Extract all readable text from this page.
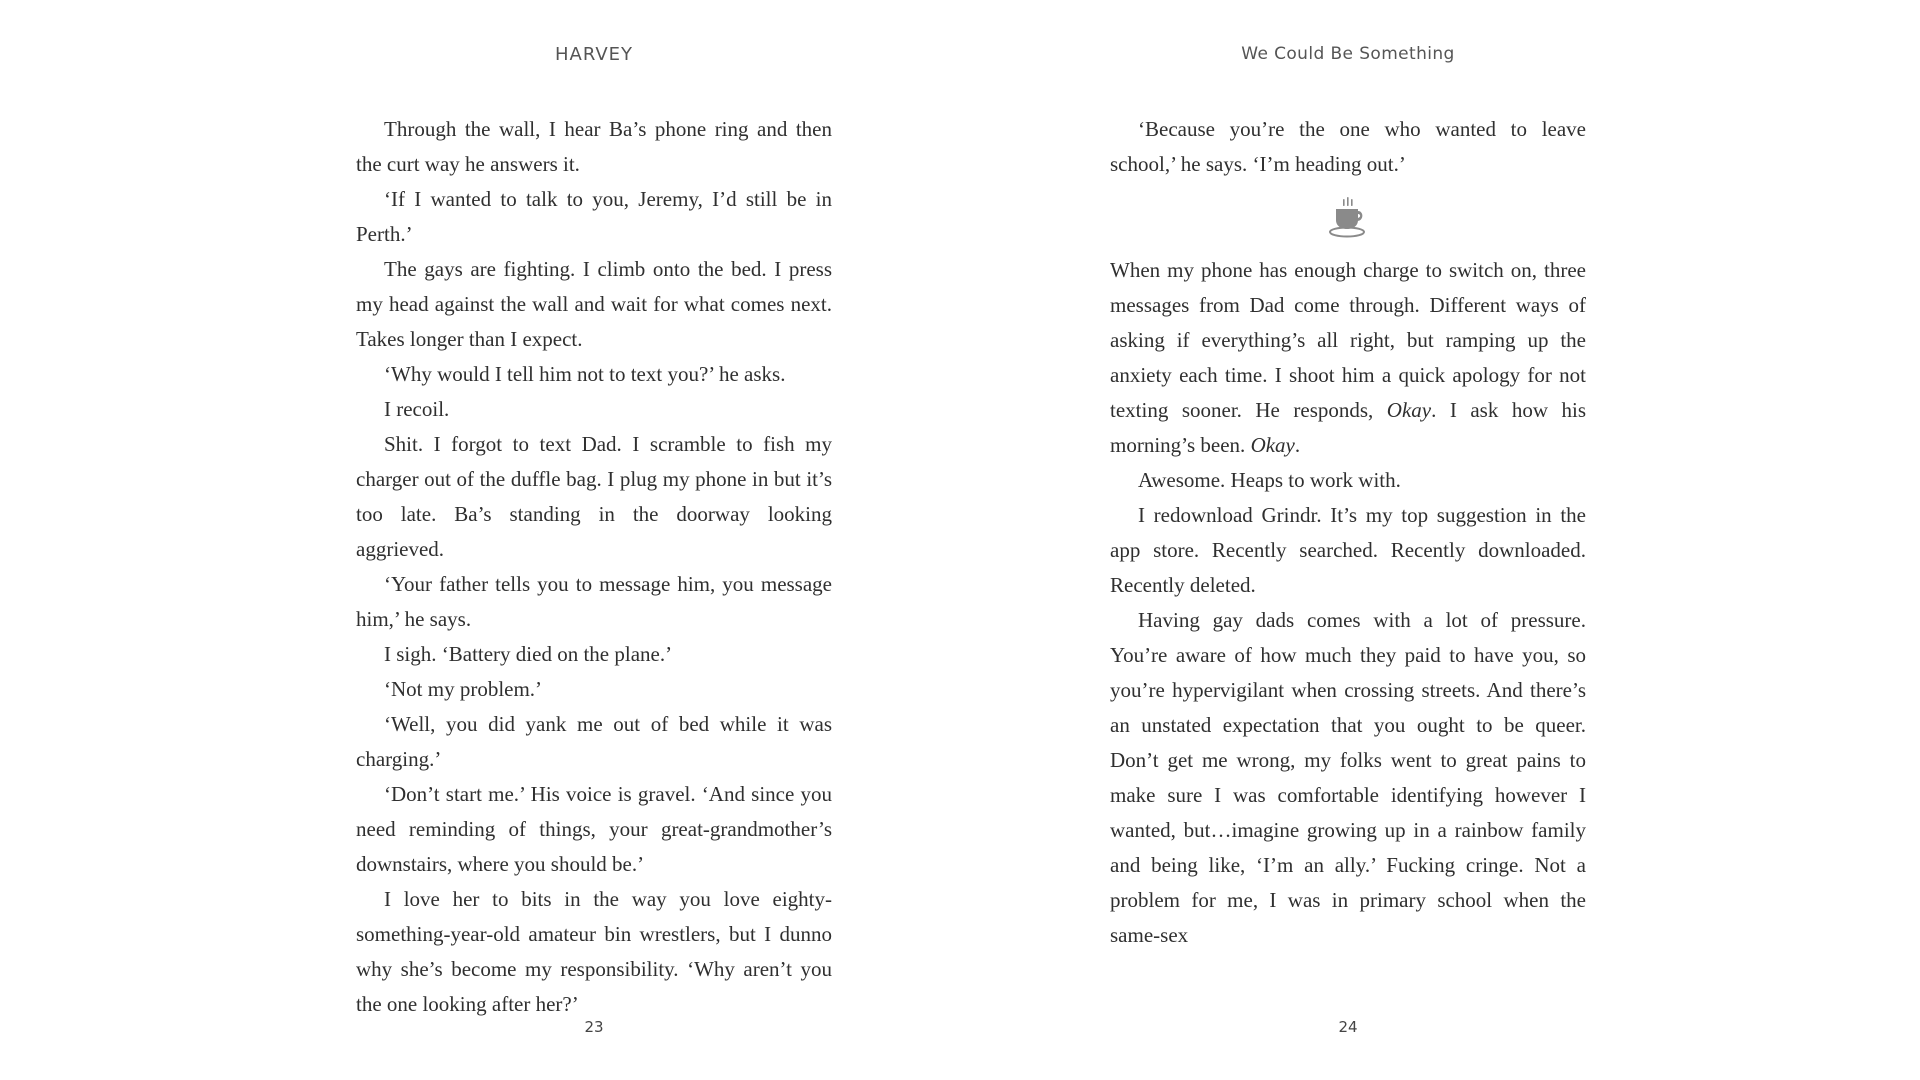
HARVEY

Through the wall, I hear Ba’s phone ring and then the curt way he answers it.

‘If I wanted to talk to you, Jeremy, I’d still be in Perth.’

The gays are fighting. I climb onto the bed. I press my head against the wall and wait for what comes next. Takes longer than I expect.

‘Why would I tell him not to text you?’ he asks.

I recoil.

Shit. I forgot to text Dad. I scramble to fish my charger out of the duffle bag. I plug my phone in but it’s too late. Ba’s standing in the doorway looking aggrieved.

‘Your father tells you to message him, you message him,’ he says.

I sigh. ‘Battery died on the plane.’

‘Not my problem.’

‘Well, you did yank me out of bed while it was charging.’

‘Don’t start me.’ His voice is gravel. ‘And since you need reminding of things, your great-grandmother’s downstairs, where you should be.’

I love her to bits in the way you love eighty-something-year-old amateur bin wrestlers, but I dunno why she’s become my responsibility. ‘Why aren’t you the one looking after her?’

23
We Could Be Something

‘Because you’re the one who wanted to leave school,’ he says. ‘I’m heading out.’

When my phone has enough charge to switch on, three messages from Dad come through. Different ways of asking if everything’s all right, but ramping up the anxiety each time. I shoot him a quick apology for not texting sooner. He responds, Okay. I ask how his morning’s been. Okay.

Awesome. Heaps to work with.

I redownload Grindr. It’s my top suggestion in the app store. Recently searched. Recently downloaded. Recently deleted.

Having gay dads comes with a lot of pressure. You’re aware of how much they paid to have you, so you’re hypervigilant when crossing streets. And there’s an unstated expectation that you ought to be queer. Don’t get me wrong, my folks went to great pains to make sure I was comfortable identifying however I wanted, but…imagine growing up in a rainbow family and being like, ‘I’m an ally.’ Fucking cringe. Not a problem for me, I was in primary school when the same-sex

24
